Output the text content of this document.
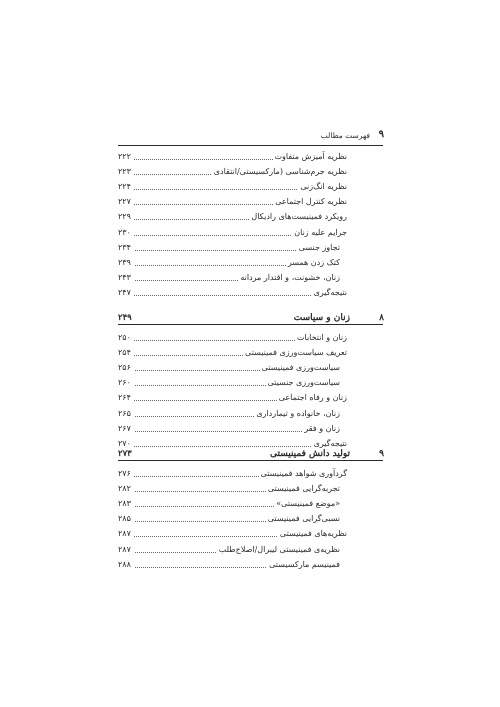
۹
فهرست مطالب
نظریه آمیزش متفاوت
۲۲۲
نظریه جرم‌شناسی (مارکسیستی/انتقادی
۲۲۳
نظریه انگ‌زنی
۲۲۴
نظریه کنترل اجتماعی
۲۲۷
رویکرد فمینیست‌های رادیکال
۲۲۹
جرایم علیه زنان
۲۳۰
تجاوز جنسی
۲۳۴
کتک زدن همسر
۲۳۹
زنان، خشونت، و اقتدار مردانه
۲۴۳
نتیجه‌گیری
۲۴۷
۸
زنان و سیاست
۲۴۹
زنان و انتخابات
۲۵۰
تعریف سیاست‌ورزی فمینیستی
۲۵۴
سیاست‌ورزی فمینیستی
۲۵۶
سیاست‌ورزی جنسیتی
۲۶۰
زنان و رفاه اجتماعی
۲۶۴
زنان، خانواده و تیمارداری
۲۶۵
زنان و فقر
۲۶۷
نتیجه‌گیری
۲۷۰
۹
تولید دانش فمینیستی
۲۷۳
گردآوری شواهد فمینیستی
۲۷۶
تجربه‌گرایی فمینیستی
۲۸۲
«موضع فمینیستی»
۲۸۳
نسبی‌گرایی فمینیستی
۲۸۵
نظریه‌های فمینیستی
۲۸۷
نظریه‌ی فمینیستی لیبرال/اصلاح‌طلب
۲۸۷
فمینیسم مارکسیستی
۲۸۸
